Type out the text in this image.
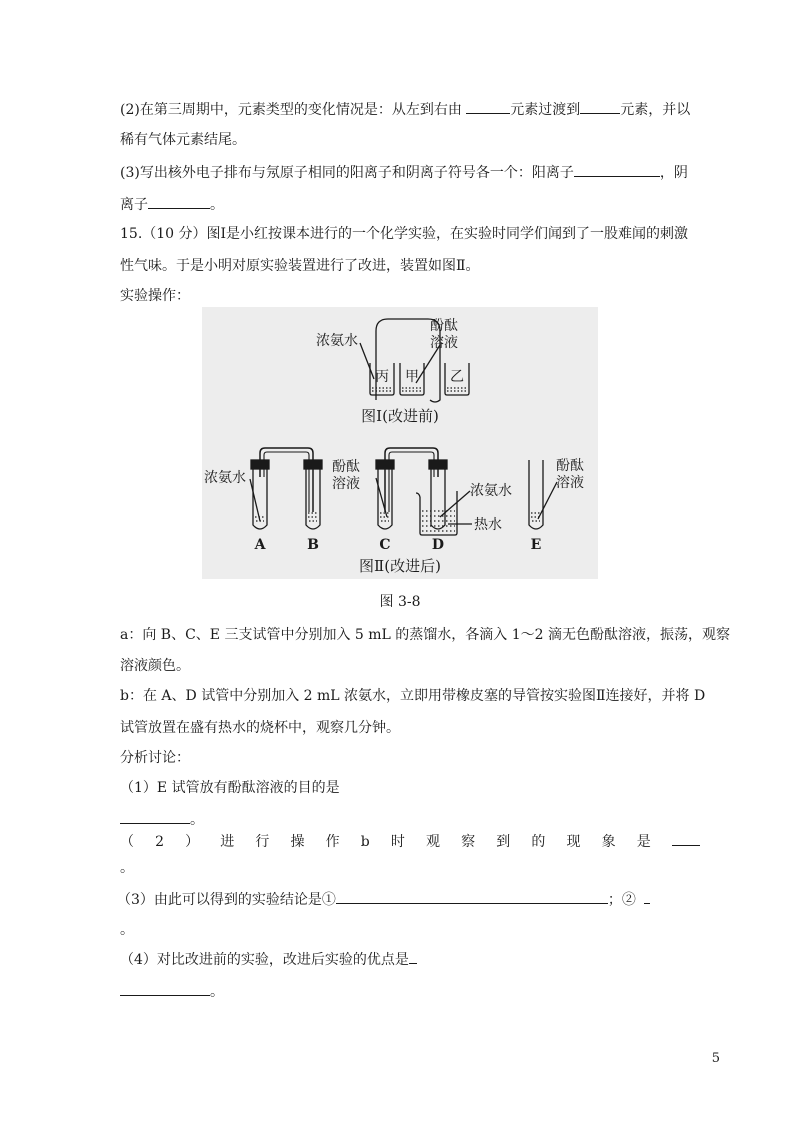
(2)在第三周期中，元素类型的变化情况是：从左到右由	元素过渡到	元素，并以
稀有气体元素结尾。
(3)写出核外电子排布与氖原子相同的阳离子和阴离子符号各一个：阳离子	，阴
离子	。
15.（10 分）图Ⅰ是小红按课本进行的一个化学实验，在实验时同学们闻到了一股难闻的刺激
性气味。于是小明对原实验装置进行了改进，装置如图Ⅱ。
实验操作：
浓氨水
酚酞
溶液
丙 甲 乙
图Ⅰ(改进前)
浓氨水
酚酞
溶液	浓氨水
热水
酚酞
溶液
A	B	C	D	E
图Ⅱ(改进后)
图 3-8
a：向 B、C、E 三支试管中分别加入 5 mL 的蒸馏水，各滴入 1～2 滴无色酚酞溶液，振荡，观察
溶液颜色。
b：在 A、D 试管中分别加入 2 mL 浓氨水，立即用带橡皮塞的导管按实验图Ⅱ连接好，并将 D
试管放置在盛有热水的烧杯中，观察几分钟。
分析讨论：
（1）E 试管放有酚酞溶液的目的是
。
（ 2 ） 进 行 操 作 b 时 观 察 到 的 现 象 是
。
（3）由此可以得到的实验结论是①	；②
。
（4）对比改进前的实验，改进后实验的优点是
。
5
